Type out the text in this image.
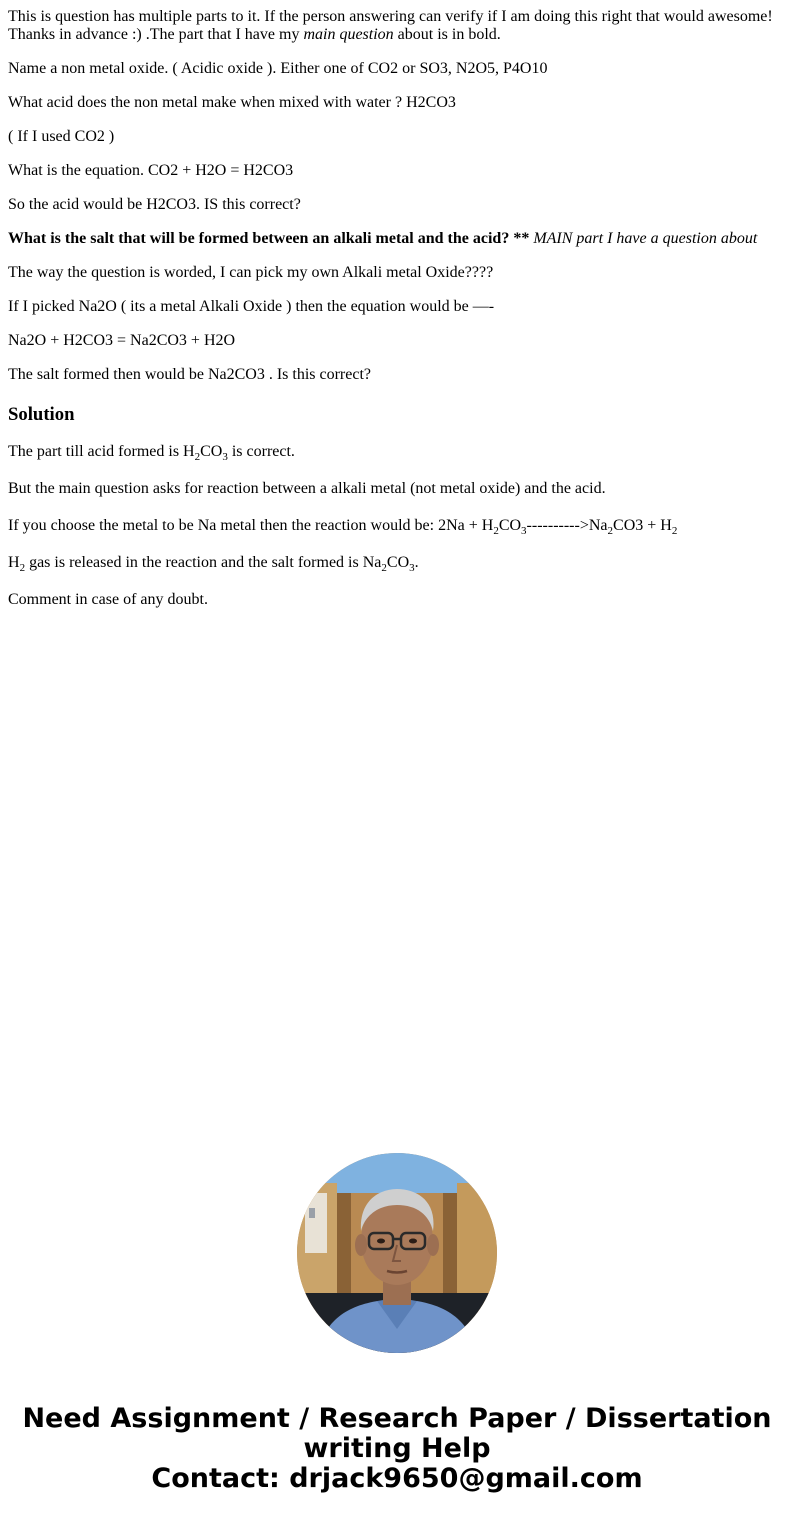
This is question has multiple parts to it. If the person answering can verify if I am doing this right that would awesome! Thanks in advance :) .The part that I have my main question about is in bold.

Name a non metal oxide. ( Acidic oxide ). Either one of CO2 or SO3, N2O5, P4O10

What acid does the non metal make when mixed with water ? H2CO3

( If I used CO2 )

What is the equation. CO2 + H2O = H2CO3

So the acid would be H2CO3. IS this correct?

What is the salt that will be formed between an alkali metal and the acid? ** MAIN part I have a question about

The way the question is worded, I can pick my own Alkali metal Oxide????

If I picked Na2O ( its a metal Alkali Oxide ) then the equation would be —-

Na2O + H2CO3 = Na2CO3 + H2O

The salt formed then would be Na2CO3 . Is this correct?

Solution

The part till acid formed is $H_2CO_3$ is correct.

But the main question asks for reaction between a alkali metal (not metal oxide) and the acid.

If you choose the metal to be Na metal then the reaction would be: $2Na + H_2CO_3---------->Na_2CO3 + H_2$

$H_2$ gas is released in the reaction and the salt formed is $Na_2CO_3$.

Comment in case of any doubt.

Need Assignment / Research Paper / Dissertation
writing Help
Contact: drjack9650@gmail.com
